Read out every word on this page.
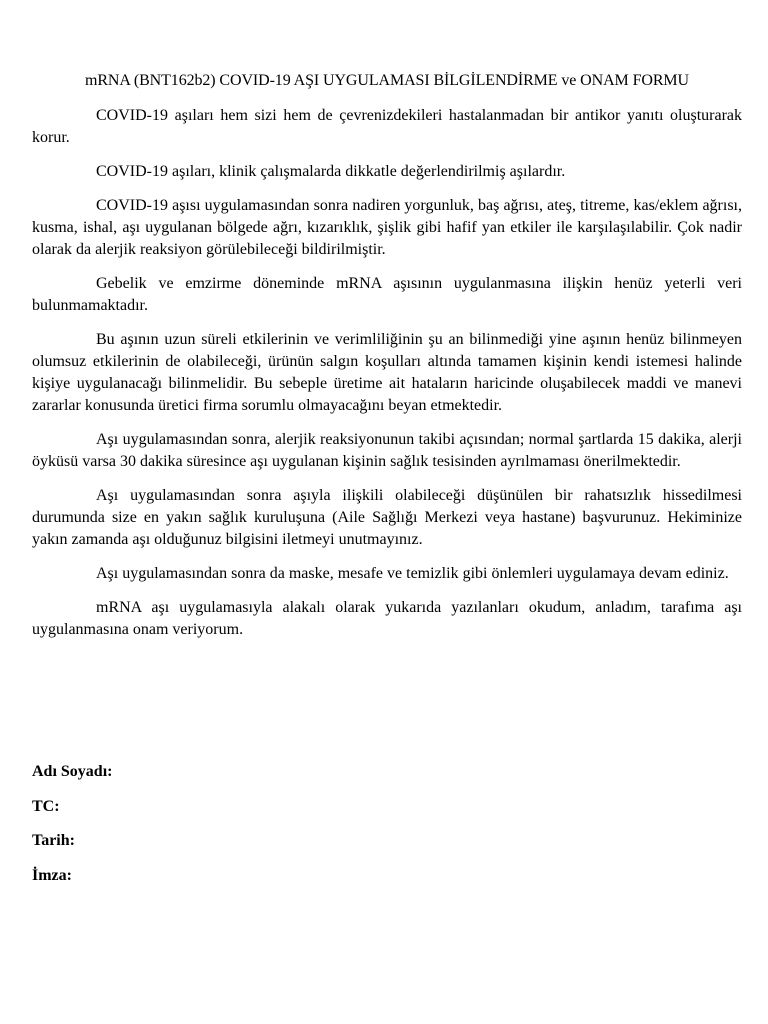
mRNA (BNT162b2) COVID-19 AŞI UYGULAMASI BİLGİLENDİRME ve ONAM FORMU

COVID-19 aşıları hem sizi hem de çevrenizdekileri hastalanmadan bir antikor yanıtı oluşturarak korur.

COVID-19 aşıları, klinik çalışmalarda dikkatle değerlendirilmiş aşılardır.

COVID-19 aşısı uygulamasından sonra nadiren yorgunluk, baş ağrısı, ateş, titreme, kas/eklem ağrısı, kusma, ishal, aşı uygulanan bölgede ağrı, kızarıklık, şişlik gibi hafif yan etkiler ile karşılaşılabilir. Çok nadir olarak da alerjik reaksiyon görülebileceği bildirilmiştir.

Gebelik ve emzirme döneminde mRNA aşısının uygulanmasına ilişkin henüz yeterli veri bulunmamaktadır.

Bu aşının uzun süreli etkilerinin ve verimliliğinin şu an bilinmediği yine aşının henüz bilinmeyen olumsuz etkilerinin de olabileceği, ürünün salgın koşulları altında tamamen kişinin kendi istemesi halinde kişiye uygulanacağı bilinmelidir. Bu sebeple üretime ait hataların haricinde oluşabilecek maddi ve manevi zararlar konusunda üretici firma sorumlu olmayacağını beyan etmektedir.

Aşı uygulamasından sonra, alerjik reaksiyonunun takibi açısından; normal şartlarda 15 dakika, alerji öyküsü varsa 30 dakika süresince aşı uygulanan kişinin sağlık tesisinden ayrılmaması önerilmektedir.

Aşı uygulamasından sonra aşıyla ilişkili olabileceği düşünülen bir rahatsızlık hissedilmesi durumunda size en yakın sağlık kuruluşuna (Aile Sağlığı Merkezi veya hastane) başvurunuz. Hekiminize yakın zamanda aşı olduğunuz bilgisini iletmeyi unutmayınız.

Aşı uygulamasından sonra da maske, mesafe ve temizlik gibi önlemleri uygulamaya devam ediniz.

mRNA aşı uygulamasıyla alakalı olarak yukarıda yazılanları okudum, anladım, tarafıma aşı uygulanmasına onam veriyorum.

Adı Soyadı:
TC:
Tarih:
İmza:
